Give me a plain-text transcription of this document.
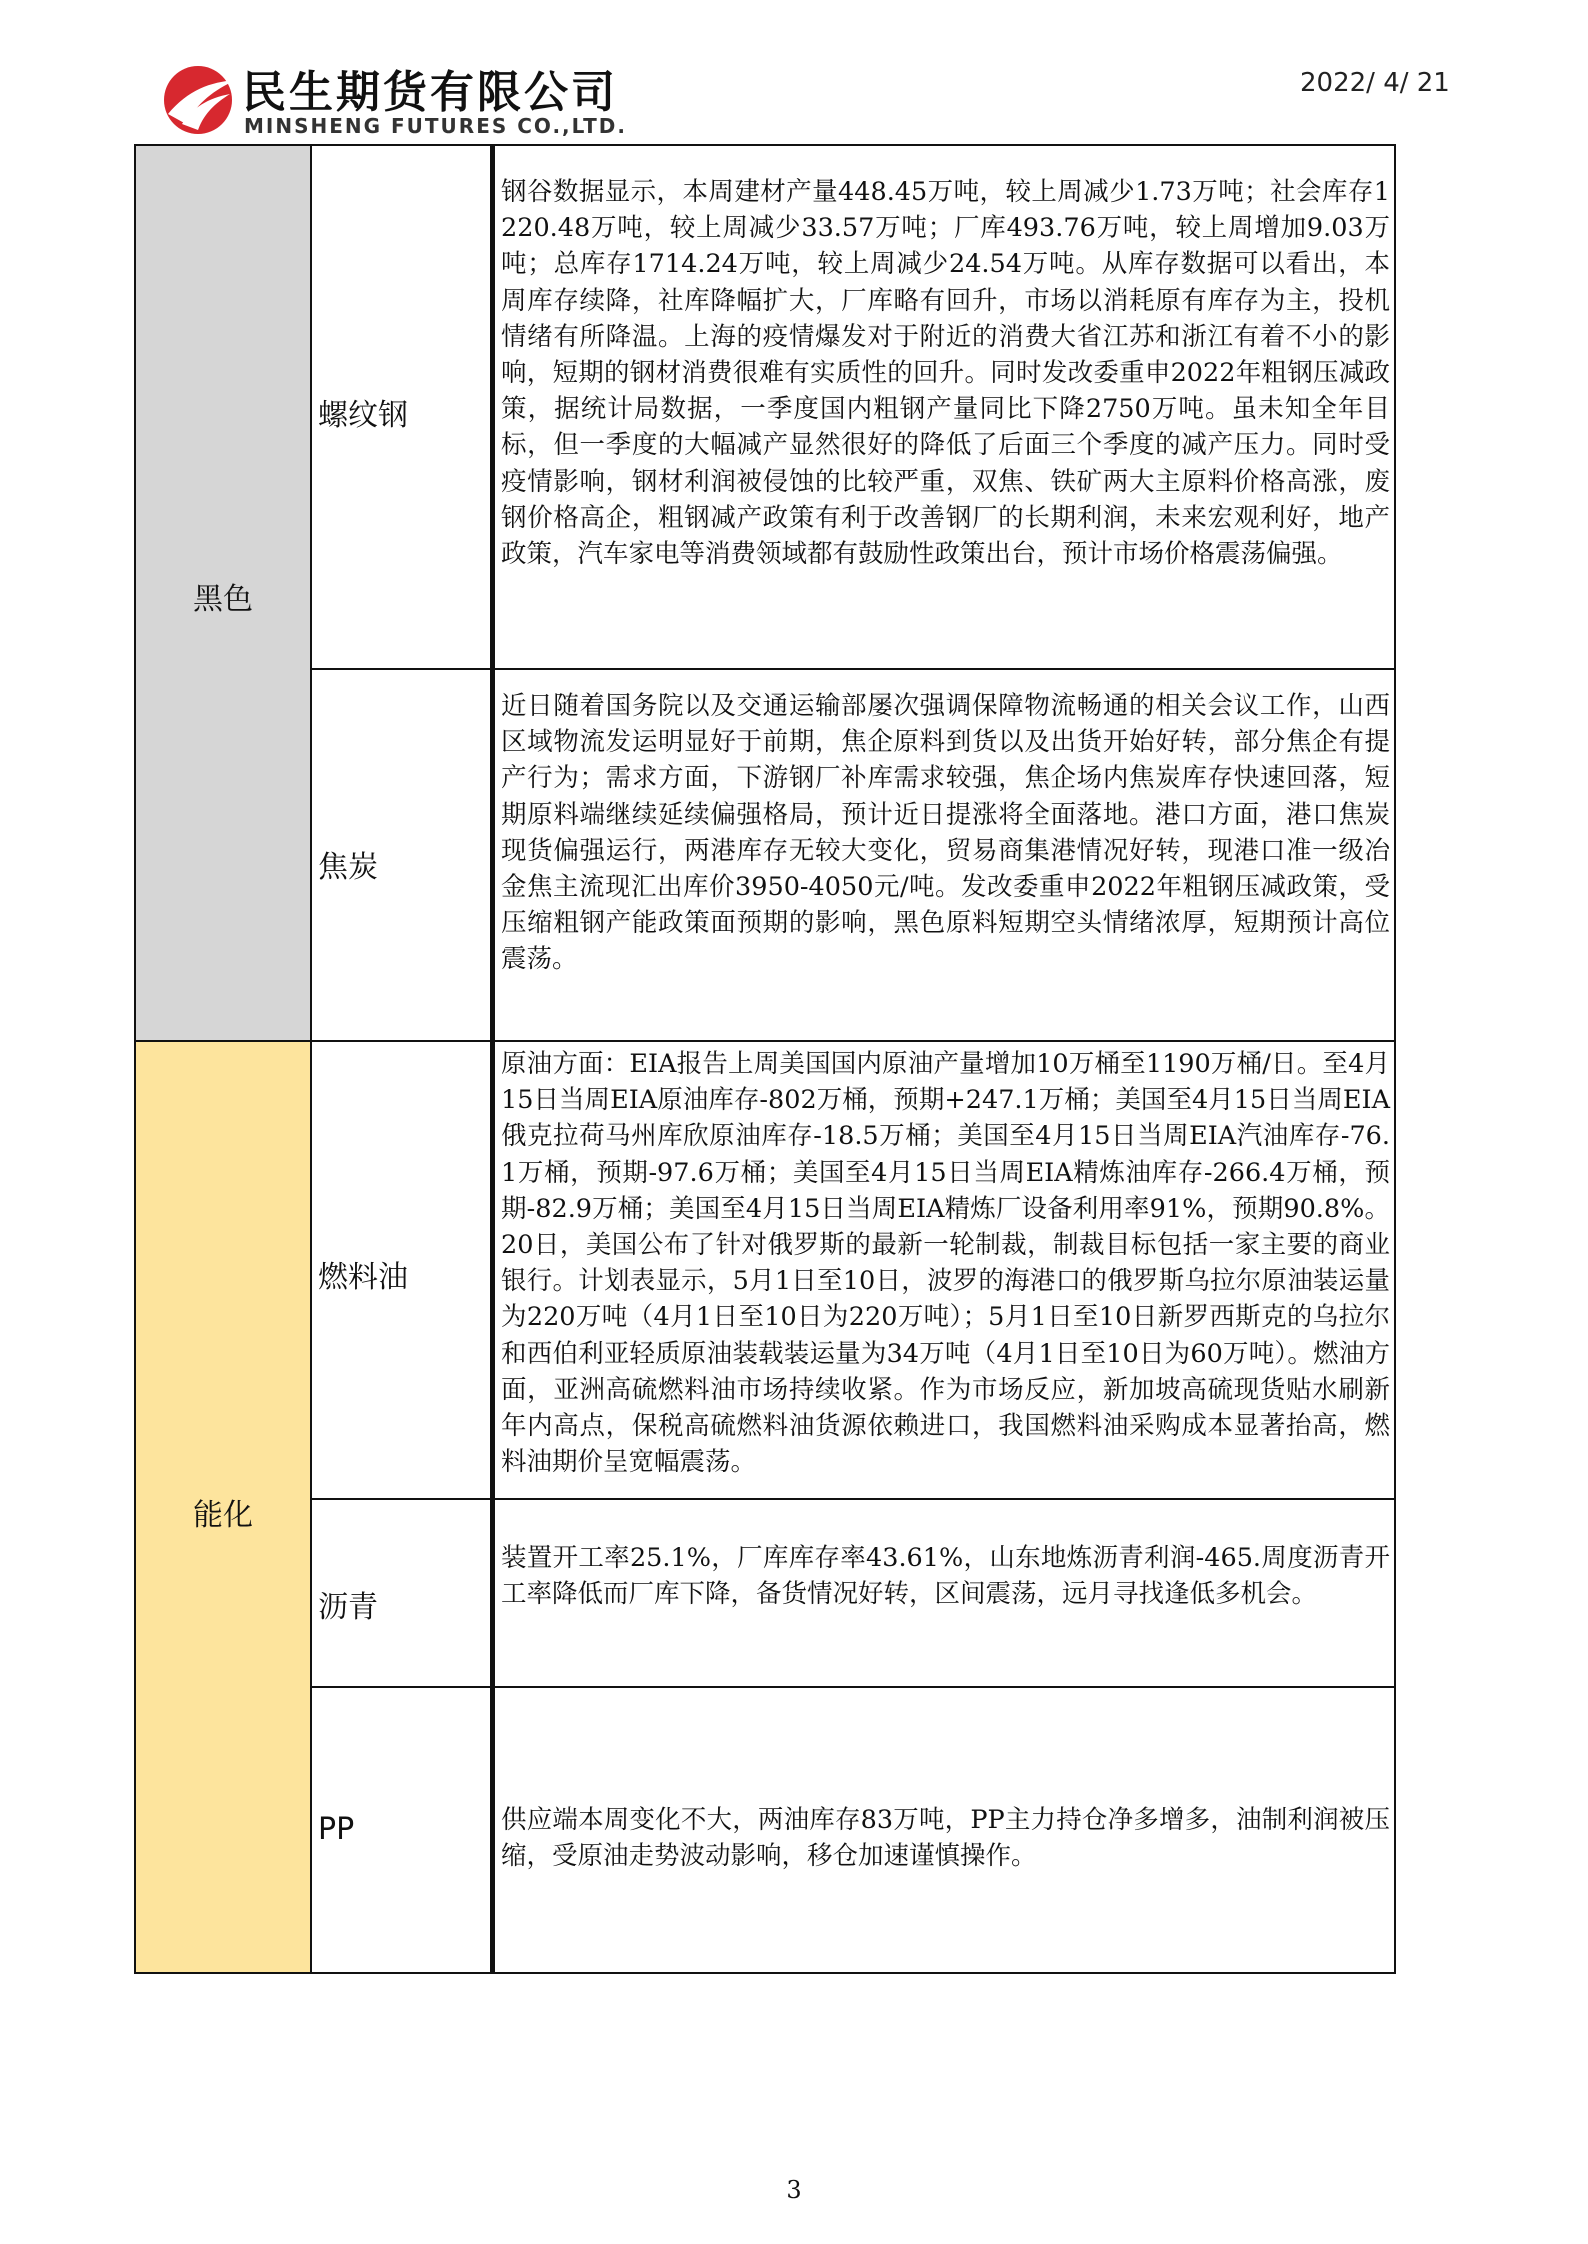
民生期货有限公司
MINSHENG FUTURES CO.,LTD.
2022/ 4/ 21
黑色
螺纹钢
钢谷数据显示，本周建材产量448.45万吨，较上周减少1.73万吨；社会库存1220.48万吨，较上周减少33.57万吨；厂库493.76万吨，较上周增加9.03万吨；总库存1714.24万吨，较上周减少24.54万吨。从库存数据可以看出，本周库存续降，社库降幅扩大，厂库略有回升，市场以消耗原有库存为主，投机情绪有所降温。上海的疫情爆发对于附近的消费大省江苏和浙江有着不小的影响，短期的钢材消费很难有实质性的回升。同时发改委重申2022年粗钢压减政策，据统计局数据，一季度国内粗钢产量同比下降2750万吨。虽未知全年目标，但一季度的大幅减产显然很好的降低了后面三个季度的减产压力。同时受疫情影响，钢材利润被侵蚀的比较严重，双焦、铁矿两大主原料价格高涨，废钢价格高企，粗钢减产政策有利于改善钢厂的长期利润，未来宏观利好，地产政策，汽车家电等消费领域都有鼓励性政策出台，预计市场价格震荡偏强。
焦炭
近日随着国务院以及交通运输部屡次强调保障物流畅通的相关会议工作，山西区域物流发运明显好于前期，焦企原料到货以及出货开始好转，部分焦企有提产行为；需求方面，下游钢厂补库需求较强，焦企场内焦炭库存快速回落，短期原料端继续延续偏强格局，预计近日提涨将全面落地。港口方面，港口焦炭现货偏强运行，两港库存无较大变化，贸易商集港情况好转，现港口准一级冶金焦主流现汇出库价3950-4050元/吨。发改委重申2022年粗钢压减政策，受压缩粗钢产能政策面预期的影响，黑色原料短期空头情绪浓厚，短期预计高位震荡。
能化
燃料油
原油方面：EIA报告上周美国国内原油产量增加10万桶至1190万桶/日。至4月15日当周EIA原油库存-802万桶，预期+247.1万桶；美国至4月15日当周EIA俄克拉荷马州库欣原油库存-18.5万桶；美国至4月15日当周EIA汽油库存-76.1万桶，预期-97.6万桶；美国至4月15日当周EIA精炼油库存-266.4万桶，预期-82.9万桶；美国至4月15日当周EIA精炼厂设备利用率91%，预期90.8%。20日，美国公布了针对俄罗斯的最新一轮制裁，制裁目标包括一家主要的商业银行。计划表显示，5月1日至10日，波罗的海港口的俄罗斯乌拉尔原油装运量为220万吨（4月1日至10日为220万吨）；5月1日至10日新罗西斯克的乌拉尔和西伯利亚轻质原油装载装运量为34万吨（4月1日至10日为60万吨）。燃油方面，亚洲高硫燃料油市场持续收紧。作为市场反应，新加坡高硫现货贴水刷新年内高点，保税高硫燃料油货源依赖进口，我国燃料油采购成本显著抬高，燃料油期价呈宽幅震荡。
沥青
装置开工率25.1%，厂库库存率43.61%，山东地炼沥青利润-465.周度沥青开工率降低而厂库下降，备货情况好转，区间震荡，远月寻找逢低多机会。
PP	供应端本周变化不大，两油库存83万吨，PP主力持仓净多增多，油制利润被压缩，受原油走势波动影响，移仓加速谨慎操作。
3
